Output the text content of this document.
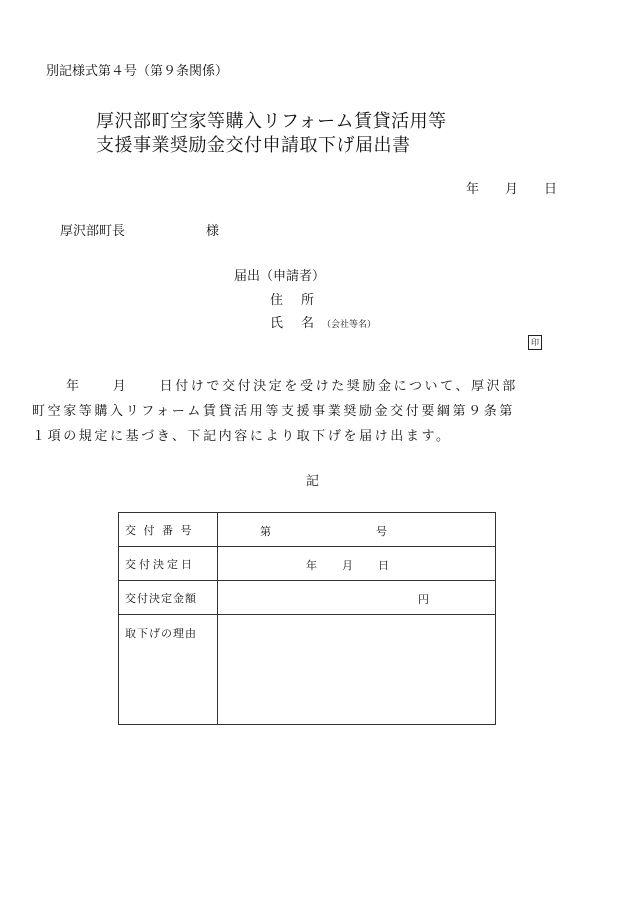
別記様式第４号（第９条関係）
厚沢部町空家等購入リフォーム賃貸活用等
支援事業奨励金交付申請取下げ届出書
年 月 日
厚沢部町長	様
届出（申請者）
住所
氏名（会社等名）
印
年　　月　　日付けで交付決定を受けた奨励金について、厚沢部
町空家等購入リフォーム賃貸活用等支援事業奨励金交付要綱第９条第
１項の規定に基づき、下記内容により取下げを届け出ます。
記
交付番号	第 号

交付決定日	年 月 日

交付決定金額	円

取下げの理由	
